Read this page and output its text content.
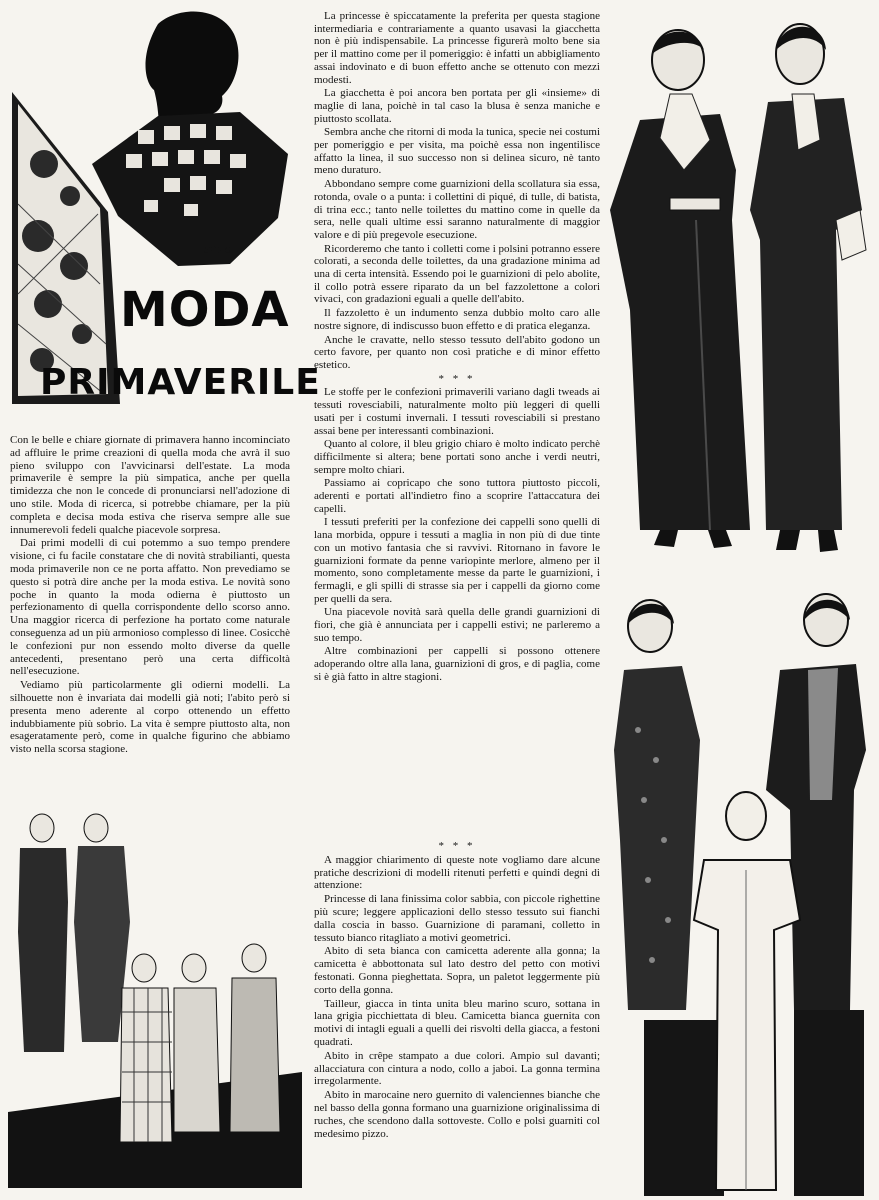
STEFO
MODA
PRIMAVERILE

Con le belle e chiare giornate di primavera hanno incominciato ad affluire le prime creazioni di quella moda che avrà il suo pieno sviluppo con l'avvicinarsi dell'estate. La moda primaverile è sempre la più simpatica, anche per quella timidezza che non le concede di pronunciarsi nell'adozione di uno stile. Moda di ricerca, si potrebbe chiamare, per la più completa e decisa moda estiva che riserva sempre alle sue innumerevoli fedeli qualche piacevole sorpresa.

Dai primi modelli di cui potemmo a suo tempo prendere visione, ci fu facile constatare che di novità strabilianti, questa moda primaverile non ce ne porta affatto. Non prevediamo se questo si potrà dire anche per la moda estiva. Le novità sono poche in quanto la moda odierna è piuttosto un perfezionamento di quella corrispondente dello scorso anno. Una maggior ricerca di perfezione ha portato come naturale conseguenza ad un più armonioso complesso di linee. Cosicchè le confezioni pur non essendo molto diverse da quelle antecedenti, presentano però una certa difficoltà nell'esecuzione.

Vediamo più particolarmente gli odierni modelli. La silhouette non è invariata dai modelli già noti; l'abito però si presenta meno aderente al corpo ottenendo un effetto indubbiamente più sobrio. La vita è sempre piuttosto alta, non esageratamente però, come in qualche figurino che abbiamo visto nella scorsa stagione.

La princesse è spiccatamente la preferita per questa stagione intermediaria e contrariamente a quanto usavasi la giacchetta non è più indispensabile. La princesse figurerà molto bene sia per il mattino come per il pomeriggio: è infatti un abbigliamento assai indovinato e di buon effetto anche se ottenuto con mezzi modesti.

La giacchetta è poi ancora ben portata per gli «insieme» di maglie di lana, poichè in tal caso la blusa è senza maniche e piuttosto scollata.

Sembra anche che ritorni di moda la tunica, specie nei costumi per pomeriggio e per visita, ma poichè essa non ingentilisce affatto la linea, il suo successo non si delinea sicuro, nè tanto meno duraturo.

Abbondano sempre come guarnizioni della scollatura sia essa, rotonda, ovale o a punta: i collettini di piqué, di tulle, di batista, di trina ecc.; tanto nelle toilettes du mattino come in quelle da sera, nelle quali ultime essi saranno naturalmente di maggior valore e di più pregevole esecuzione.

Ricorderemo che tanto i colletti come i polsini potranno essere colorati, a seconda delle toilettes, da una gradazione minima ad una di certa intensità. Essendo poi le guarnizioni di pelo abolite, il collo potrà essere riparato da un bel fazzolettone a colori vivaci, con gradazioni eguali a quelle dell'abito.

Il fazzoletto è un indumento senza dubbio molto caro alle nostre signore, di indiscusso buon effetto e di pratica eleganza.

Anche le cravatte, nello stesso tessuto dell'abito godono un certo favore, per quanto non così pratiche e di minor effetto estetico.

* * *

Le stoffe per le confezioni primaverili variano dagli tweads ai tessuti rovesciabili, naturalmente molto più leggeri di quelli usati per i costumi invernali. I tessuti rovesciabili si prestano assai bene per interessanti combinazioni.

Quanto al colore, il bleu grigio chiaro è molto indicato perchè difficilmente si altera; bene portati sono anche i verdi neutri, sempre molto chiari.

Passiamo ai copricapo che sono tuttora piuttosto piccoli, aderenti e portati all'indietro fino a scoprire l'attaccatura dei capelli.

I tessuti preferiti per la confezione dei cappelli sono quelli di lana morbida, oppure i tessuti a maglia in non più di due tinte con un motivo fantasia che si ravvivi. Ritornano in favore le guarnizioni formate da penne variopinte merlore, almeno per il momento, sono completamente messe da parte le guarnizioni, i fermagli, e gli spilli di strasse sia per i cappelli da giorno come per quelli da sera.

Una piacevole novità sarà quella delle grandi guarnizioni di fiori, che già è annunciata per i cappelli estivi; ne parleremo a suo tempo.

Altre combinazioni per cappelli si possono ottenere adoperando oltre alla lana, guarnizioni di gros, e di paglia, come si è già fatto in altre stagioni.

* * *

A maggior chiarimento di queste note vogliamo dare alcune pratiche descrizioni di modelli ritenuti perfetti e quindi degni di attenzione:

Princesse di lana finissima color sabbia, con piccole righettine più scure; leggere applicazioni dello stesso tessuto sui fianchi dalla coscia in basso. Guarnizione di paramani, colletto in tessuto bianco ritagliato a motivi geometrici.

Abito di seta bianca con camicetta aderente alla gonna; la camicetta è abbottonata sul lato destro del petto con motivi festonati. Gonna pieghettata. Sopra, un paletot leggermente più corto della gonna.

Tailleur, giacca in tinta unita bleu marino scuro, sottana in lana grigia picchiettata di bleu. Camicetta bianca guernita con motivi di intagli eguali a quelli dei risvolti della giacca, a festoni quadrati.

Abito in crêpe stampato a due colori. Ampio sul davanti; allacciatura con cintura a nodo, collo a jaboi. La gonna termina irregolarmente.

Abito in marocaine nero guernito di valenciennes bianche che nel basso della gonna formano una guarnizione originalissima di ruches, che scendono dalla sottoveste. Collo e polsi guarniti col medesimo pizzo.
